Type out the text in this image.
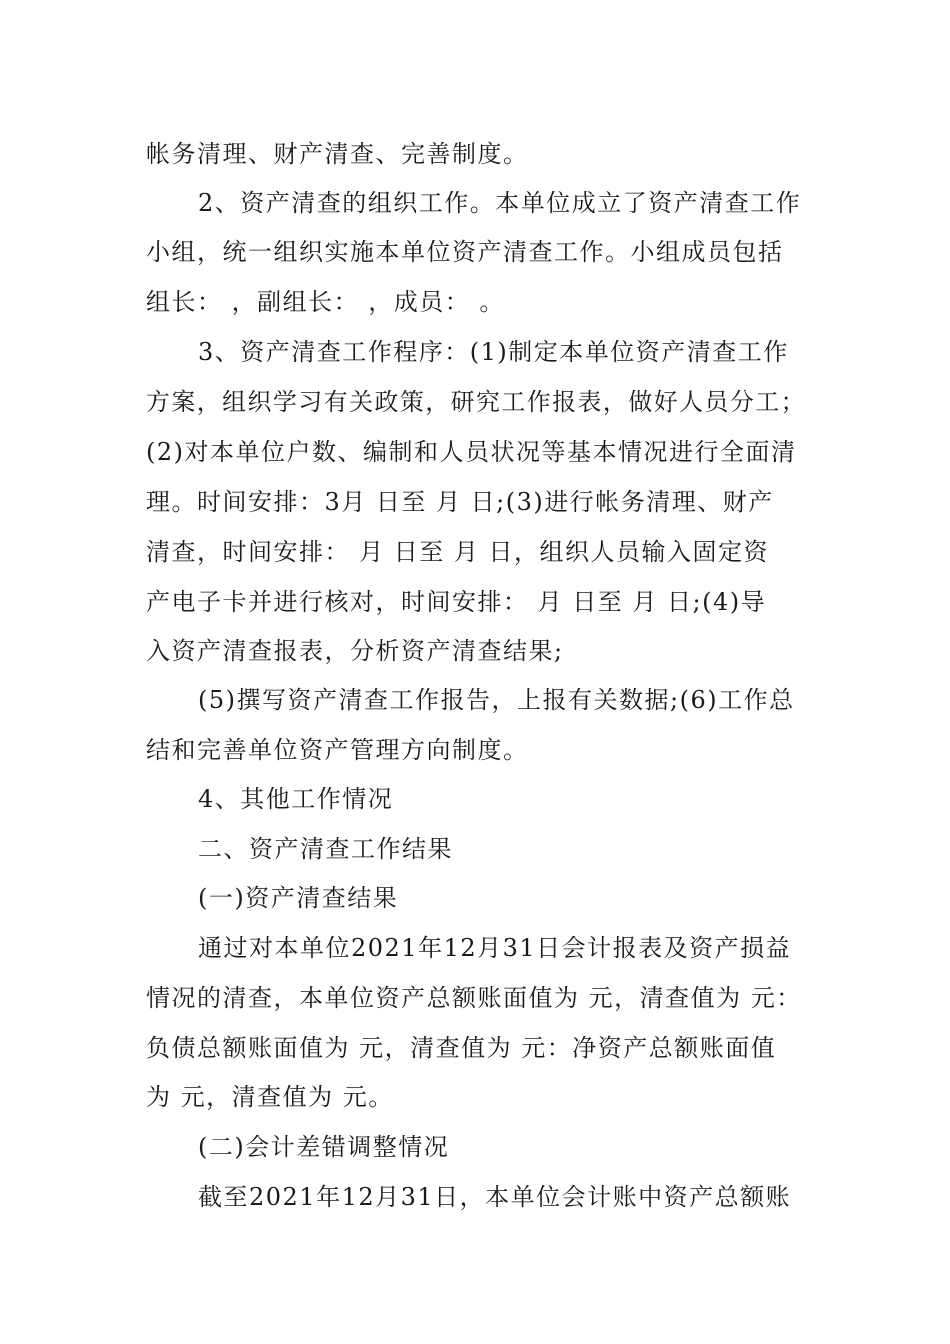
帐务清理、财产清查、完善制度。
2、资产清查的组织工作。本单位成立了资产清查工作
小组，统一组织实施本单位资产清查工作。小组成员包括
组长： ，副组长： ，成员： 。
3、资产清查工作程序：(1)制定本单位资产清查工作
方案，组织学习有关政策，研究工作报表，做好人员分工；
(2)对本单位户数、编制和人员状况等基本情况进行全面清
理。时间安排：3月 日至 月 日;(3)进行帐务清理、财产
清查，时间安排： 月 日至 月 日，组织人员输入固定资
产电子卡并进行核对，时间安排： 月 日至 月 日;(4)导
入资产清查报表，分析资产清查结果;
(5)撰写资产清查工作报告，上报有关数据;(6)工作总
结和完善单位资产管理方向制度。
4、其他工作情况
二、资产清查工作结果
(一)资产清查结果
通过对本单位2021年12月31日会计报表及资产损益
情况的清查，本单位资产总额账面值为 元，清查值为 元：
负债总额账面值为 元，清查值为 元：净资产总额账面值
为 元，清查值为 元。
(二)会计差错调整情况
截至2021年12月31日，本单位会计账中资产总额账
